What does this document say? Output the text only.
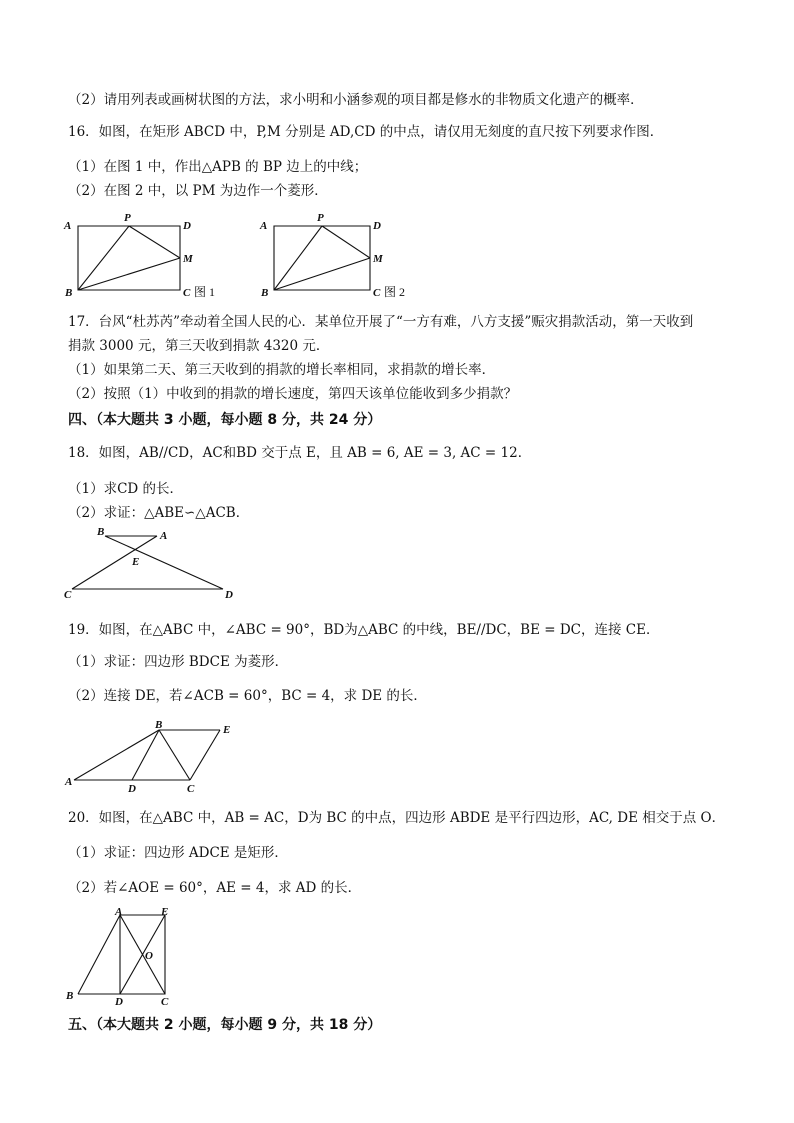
（2）请用列表或画树状图的方法，求小明和小涵参观的项目都是修水的非物质文化遗产的概率．
16．如图，在矩形 ABCD 中，P,M 分别是 AD,CD 的中点，请仅用无刻度的直尺按下列要求作图．
（1）在图 1 中，作出△APB 的 BP 边上的中线；
（2）在图 2 中，以 PM 为边作一个菱形．
A
P
D
M
B	C 图 1
A
P
D
M
B	C 图 2
17．台风“杜苏芮”牵动着全国人民的心．某单位开展了“一方有难，八方支援”赈灾捐款活动，第一天收到
捐款 3000 元，第三天收到捐款 4320 元．
（1）如果第二天、第三天收到的捐款的增长率相同，求捐款的增长率．
（2）按照（1）中收到的捐款的增长速度，第四天该单位能收到多少捐款？
四、（本大题共 3 小题，每小题 8 分，共 24 分）
18．如图，AB//CD，AC和BD 交于点 E，且 AB = 6, AE = 3, AC = 12．
（1）求CD 的长．
（2）求证：△ABE∽△ACB．
B	A
E
C	D
19．如图，在△ABC 中，∠ABC = 90°，BD为△ABC 的中线，BE//DC，BE = DC，连接 CE．
（1）求证：四边形 BDCE 为菱形．
（2）连接 DE，若∠ACB = 60°，BC = 4，求 DE 的长．
B	E
A
D	C
20．如图，在△ABC 中，AB = AC，D为 BC 的中点，四边形 ABDE 是平行四边形，AC, DE 相交于点 O．
（1）求证：四边形 ADCE 是矩形．
（2）若∠AOE = 60°，AE = 4，求 AD 的长．
A	E
O
B	D	C
五、（本大题共 2 小题，每小题 9 分，共 18 分）
